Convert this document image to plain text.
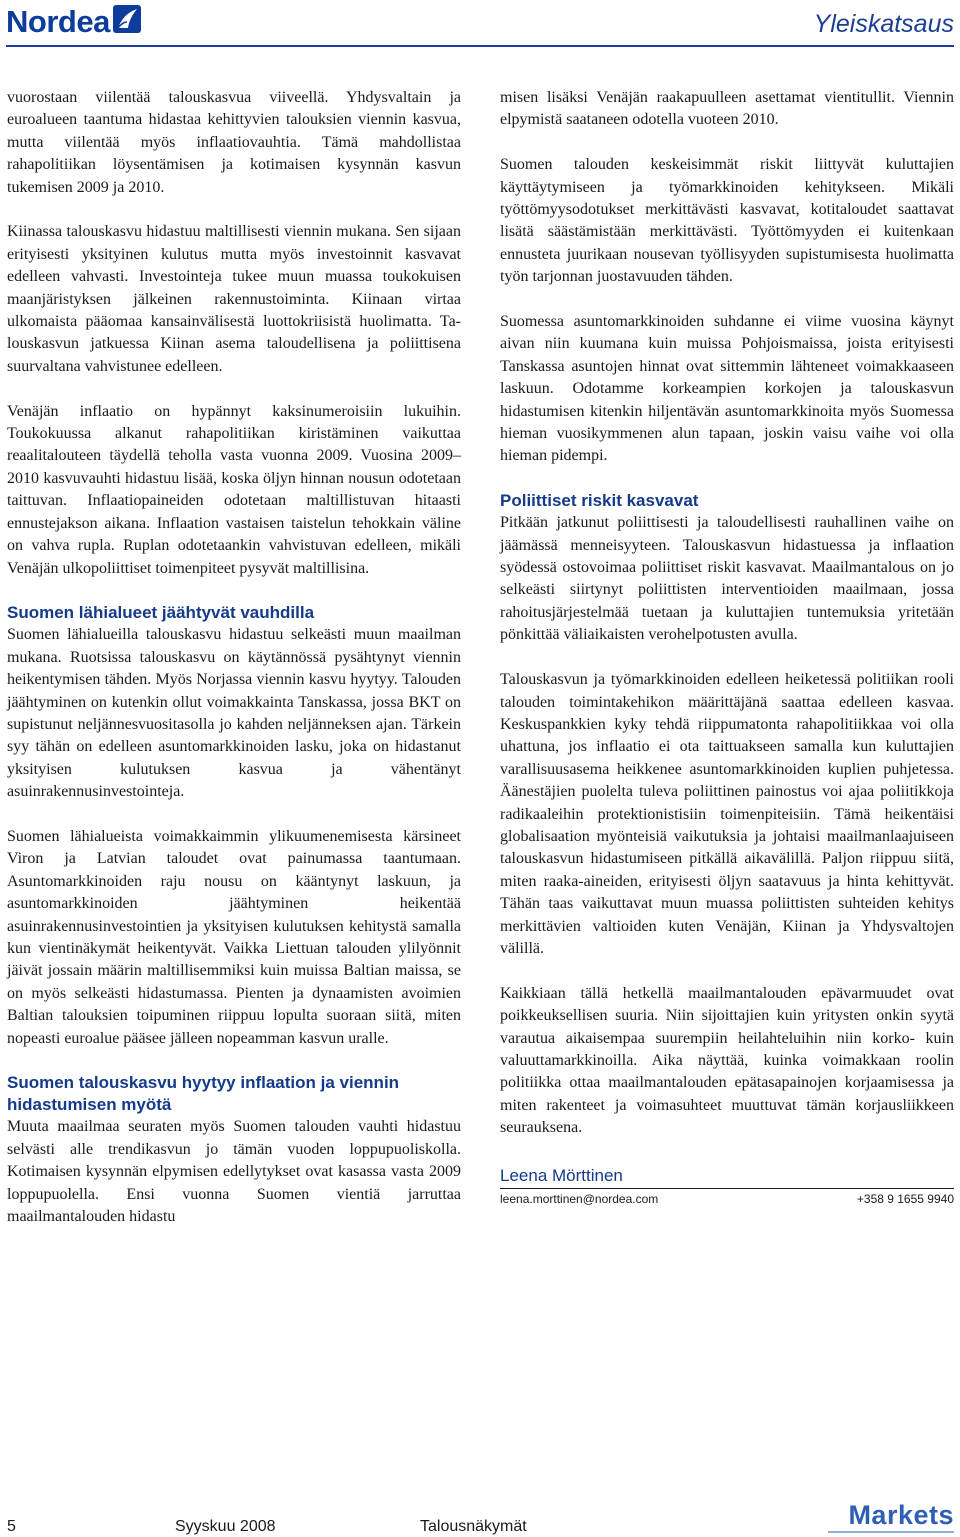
Nordea	Yleiskatsaus

vuorostaan viilentää talouskasvua viiveellä. Yhdysvaltain ja euroalueen taantuma hidastaa kehittyvien talouksien viennin kasvua, mutta viilentää myös inflaatiovauhtia. Tämä mahdollistaa rahapolitiikan löysentämisen ja kotimaisen kysynnän kasvun tukemisen 2009 ja 2010.

Kiinassa talouskasvu hidastuu maltillisesti viennin mukana. Sen sijaan erityisesti yksityinen kulutus mutta myös investoinnit kasvavat edelleen vahvasti. Investointeja tukee muun muassa toukokuisen maanjäristyksen jälkeinen rakennustoiminta. Kiinaan virtaa ulkomaista pääomaa kansainvälisestä luottokriisistä huolimatta. Talouskasvun jatkuessa Kiinan asema taloudellisena ja poliittisena suurvaltana vahvistunee edelleen.

Venäjän inflaatio on hypännyt kaksinumeroisiin lukuihin. Toukokuussa alkanut rahapolitiikan kiristäminen vaikuttaa reaalitalouteen täydellä teholla vasta vuonna 2009. Vuosina 2009–2010 kasvuvauhti hidastuu lisää, koska öljyn hinnan nousun odotetaan taittuvan. Inflaatiopaineiden odotetaan maltillistuvan hitaasti ennustejakson aikana. Inflaation vastaisen taistelun tehokkain väline on vahva rupla. Ruplan odotetaankin vahvistuvan edelleen, mikäli Venäjän ulkopoliittiset toimenpiteet pysyvät maltillisina.

Suomen lähialueet jäähtyvät vauhdilla

Suomen lähialueilla talouskasvu hidastuu selkeästi muun maailman mukana. Ruotsissa talouskasvu on käytännössä pysähtynyt viennin heikentymisen tähden. Myös Norjassa viennin kasvu hyytyy. Talouden jäähtyminen on kutenkin ollut voimakkainta Tanskassa, jossa BKT on supistunut neljännesvuositasolla jo kahden neljänneksen ajan. Tärkein syy tähän on edelleen asuntomarkkinoiden lasku, joka on hidastanut yksityisen kulutuksen kasvua ja vähentänyt asuinrakennusinvestointeja.

Suomen lähialueista voimakkaimmin ylikuumenemisesta kärsineet Viron ja Latvian taloudet ovat painumassa taantumaan. Asuntomarkkinoiden raju nousu on kääntynyt laskuun, ja asuntomarkkinoiden jäähtyminen heikentää asuinrakennusinvestointien ja yksityisen kulutuksen kehitystä samalla kun vientinäkymät heikentyvät. Vaikka Liettuan talouden ylilyönnit jäivät jossain määrin maltillisemmiksi kuin muissa Baltian maissa, se on myös selkeästi hidastumassa. Pienten ja dynaamisten avoimien Baltian talouksien toipuminen riippuu lopulta suoraan siitä, miten nopeasti euroalue pääsee jälleen nopeamman kasvun uralle.

Suomen talouskasvu hyytyy inflaation ja viennin hidastumisen myötä

Muuta maailmaa seuraten myös Suomen talouden vauhti hidastuu selvästi alle trendikasvun jo tämän vuoden loppupuoliskolla. Kotimaisen kysynnän elpymisen edellytykset ovat kasassa vasta 2009 loppupuolella. Ensi vuonna Suomen vientiä jarruttaa maailmantalouden hidastu

misen lisäksi Venäjän raakapuulleen asettamat vientitullit. Viennin elpymistä saataneen odotella vuoteen 2010.

Suomen talouden keskeisimmät riskit liittyvät kuluttajien käyttäytymiseen ja työmarkkinoiden kehitykseen. Mikäli työttömyysodotukset merkittävästi kasvavat, kotitaloudet saattavat lisätä säästämistään merkittävästi. Työttömyyden ei kuitenkaan ennusteta juurikaan nousevan työllisyyden supistumisesta huolimatta työn tarjonnan juostavuuden tähden.

Suomessa asuntomarkkinoiden suhdanne ei viime vuosina käynyt aivan niin kuumana kuin muissa Pohjoismaissa, joista erityisesti Tanskassa asuntojen hinnat ovat sittemmin lähteneet voimakkaaseen laskuun. Odotamme korkeampien korkojen ja talouskasvun hidastumisen kitenkin hiljentävän asuntomarkkinoita myös Suomessa hieman vuosikymmenen alun tapaan, joskin vaisu vaihe voi olla hieman pidempi.

Poliittiset riskit kasvavat

Pitkään jatkunut poliittisesti ja taloudellisesti rauhallinen vaihe on jäämässä menneisyyteen. Talouskasvun hidastuessa ja inflaation syödessä ostovoimaa poliittiset riskit kasvavat. Maailmantalous on jo selkeästi siirtynyt poliittisten interventioiden maailmaan, jossa rahoitusjärjestelmää tuetaan ja kuluttajien tuntemuksia yritetään pönkittää väliaikaisten verohelpotusten avulla.

Talouskasvun ja työmarkkinoiden edelleen heiketessä politiikan rooli talouden toimintakehikon määrittäjänä saattaa edelleen kasvaa. Keskuspankkien kyky tehdä riippumatonta rahapolitiikkaa voi olla uhattuna, jos inflaatio ei ota taittuakseen samalla kun kuluttajien varallisuusasema heikkenee asuntomarkkinoiden kuplien puhjetessa. Äänestäjien puolelta tuleva poliittinen painostus voi ajaa poliitikkoja radikaaleihin protektionistisiin toimenpiteisiin. Tämä heikentäisi globalisaation myönteisiä vaikutuksia ja johtaisi maailmanlaajuiseen talouskasvun hidastumiseen pitkällä aikavälillä. Paljon riippuu siitä, miten raaka-aineiden, erityisesti öljyn saatavuus ja hinta kehittyvät. Tähän taas vaikuttavat muun muassa poliittisten suhteiden kehitys merkittävien valtioiden kuten Venäjän, Kiinan ja Yhdysvaltojen välillä.

Kaikkiaan tällä hetkellä maailmantalouden epävarmuudet ovat poikkeuksellisen suuria. Niin sijoittajien kuin yritysten onkin syytä varautua aikaisempaa suurempiin heilahteluihin niin korko- kuin valuuttamarkkinoilla. Aika näyttää, kuinka voimakkaan roolin politiikka ottaa maailmantalouden epätasapainojen korjaamisessa ja miten rakenteet ja voimasuhteet muuttuvat tämän korjausliikkeen seurauksena.

Leena Mörttinen
leena.morttinen@nordea.com	+358 9 1655 9940
5	Syyskuu 2008	Talousnäkymät	Markets
